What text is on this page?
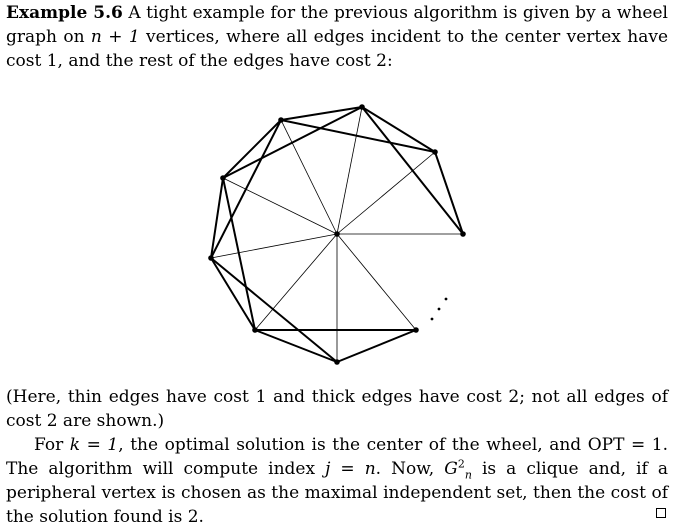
Example 5.6 A tight example for the previous algorithm is given by a wheel graph on n + 1 vertices, where all edges incident to the center vertex have cost 1, and the rest of the edges have cost 2:

(Here, thin edges have cost 1 and thick edges have cost 2; not all edges of cost 2 are shown.)

For k = 1, the optimal solution is the center of the wheel, and OPT = 1. The algorithm will compute index j = n. Now, $G^2_n$ is a clique and, if a peripheral vertex is chosen as the maximal independent set, then the cost of the solution found is 2.
